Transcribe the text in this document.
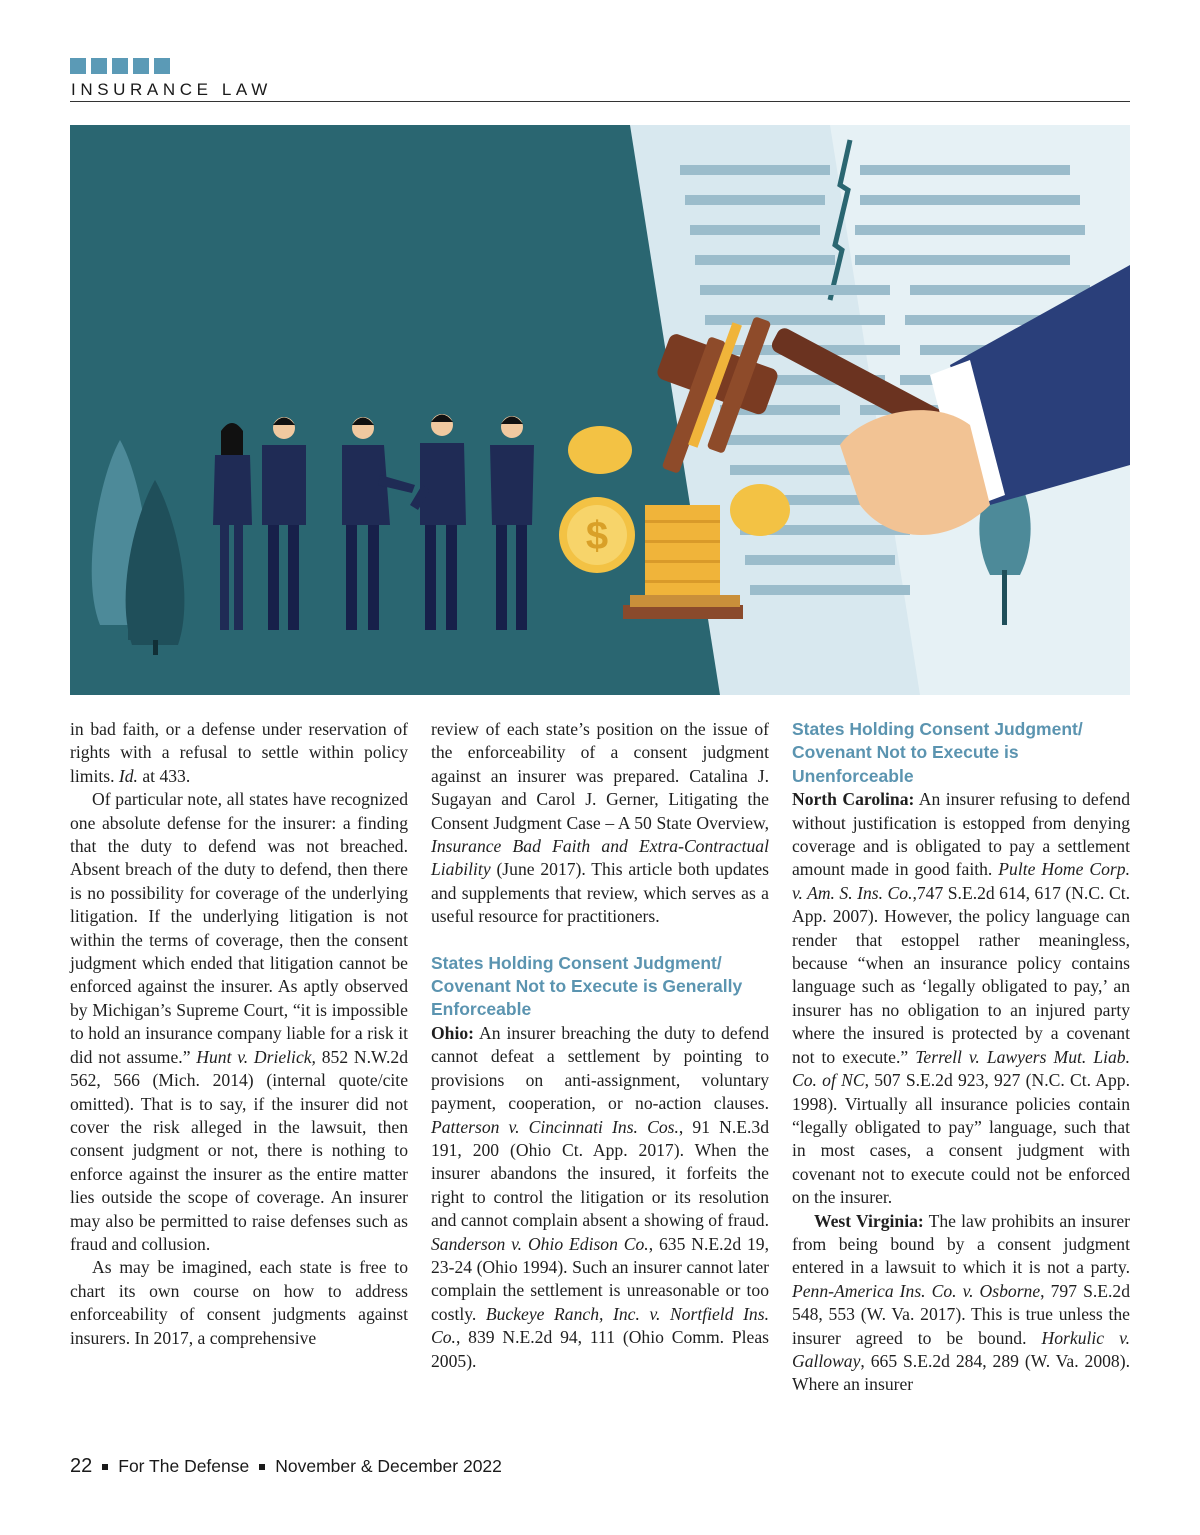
INSURANCE LAW
$

in bad faith, or a defense under reservation of rights with a refusal to settle within policy limits. Id. at 433.

Of particular note, all states have recognized one absolute defense for the insurer: a finding that the duty to defend was not breached. Absent breach of the duty to defend, then there is no possibility for coverage of the underlying litigation. If the underlying litigation is not within the terms of coverage, then the consent judgment which ended that litigation cannot be enforced against the insurer. As aptly observed by Michigan’s Supreme Court, “it is impossible to hold an insurance company liable for a risk it did not assume.” Hunt v. Drielick, 852 N.W.2d 562, 566 (Mich. 2014) (internal quote/cite omitted). That is to say, if the insurer did not cover the risk alleged in the lawsuit, then consent judgment or not, there is nothing to enforce against the insurer as the entire matter lies outside the scope of coverage. An insurer may also be permitted to raise defenses such as fraud and collusion.

As may be imagined, each state is free to chart its own course on how to address enforceability of consent judgments against insurers. In 2017, a comprehensive

review of each state’s position on the issue of the enforceability of a consent judgment against an insurer was prepared. Catalina J. Sugayan and Carol J. Gerner, Litigating the Consent Judgment Case – A 50 State Overview, Insurance Bad Faith and Extra-Contractual Liability (June 2017). This article both updates and supplements that review, which serves as a useful resource for practitioners.

States Holding Consent Judgment/ Covenant Not to Execute is Generally Enforceable

Ohio: An insurer breaching the duty to defend cannot defeat a settlement by pointing to provisions on anti-assignment, voluntary payment, cooperation, or no-action clauses. Patterson v. Cincinnati Ins. Cos., 91 N.E.3d 191, 200 (Ohio Ct. App. 2017). When the insurer abandons the insured, it forfeits the right to control the litigation or its resolution and cannot complain absent a showing of fraud. Sanderson v. Ohio Edison Co., 635 N.E.2d 19, 23-24 (Ohio 1994). Such an insurer cannot later complain the settlement is unreasonable or too costly. Buckeye Ranch, Inc. v. Nortfield Ins. Co., 839 N.E.2d 94, 111 (Ohio Comm. Pleas 2005).

States Holding Consent Judgment/ Covenant Not to Execute is Unenforceable

North Carolina: An insurer refusing to defend without justification is estopped from denying coverage and is obligated to pay a settlement amount made in good faith. Pulte Home Corp. v. Am. S. Ins. Co.,747 S.E.2d 614, 617 (N.C. Ct. App. 2007). However, the policy language can render that estoppel rather meaningless, because “when an insurance policy contains language such as ‘legally obligated to pay,’ an insurer has no obligation to an injured party where the insured is protected by a covenant not to execute.” Terrell v. Lawyers Mut. Liab. Co. of NC, 507 S.E.2d 923, 927 (N.C. Ct. App. 1998). Virtually all insurance policies contain “legally obligated to pay” language, such that in most cases, a consent judgment with covenant not to execute could not be enforced on the insurer.

West Virginia: The law prohibits an insurer from being bound by a consent judgment entered in a lawsuit to which it is not a party. Penn-America Ins. Co. v. Osborne, 797 S.E.2d 548, 553 (W. Va. 2017). This is true unless the insurer agreed to be bound. Horkulic v. Galloway, 665 S.E.2d 284, 289 (W. Va. 2008). Where an insurer

22 For The Defense November & December 2022
